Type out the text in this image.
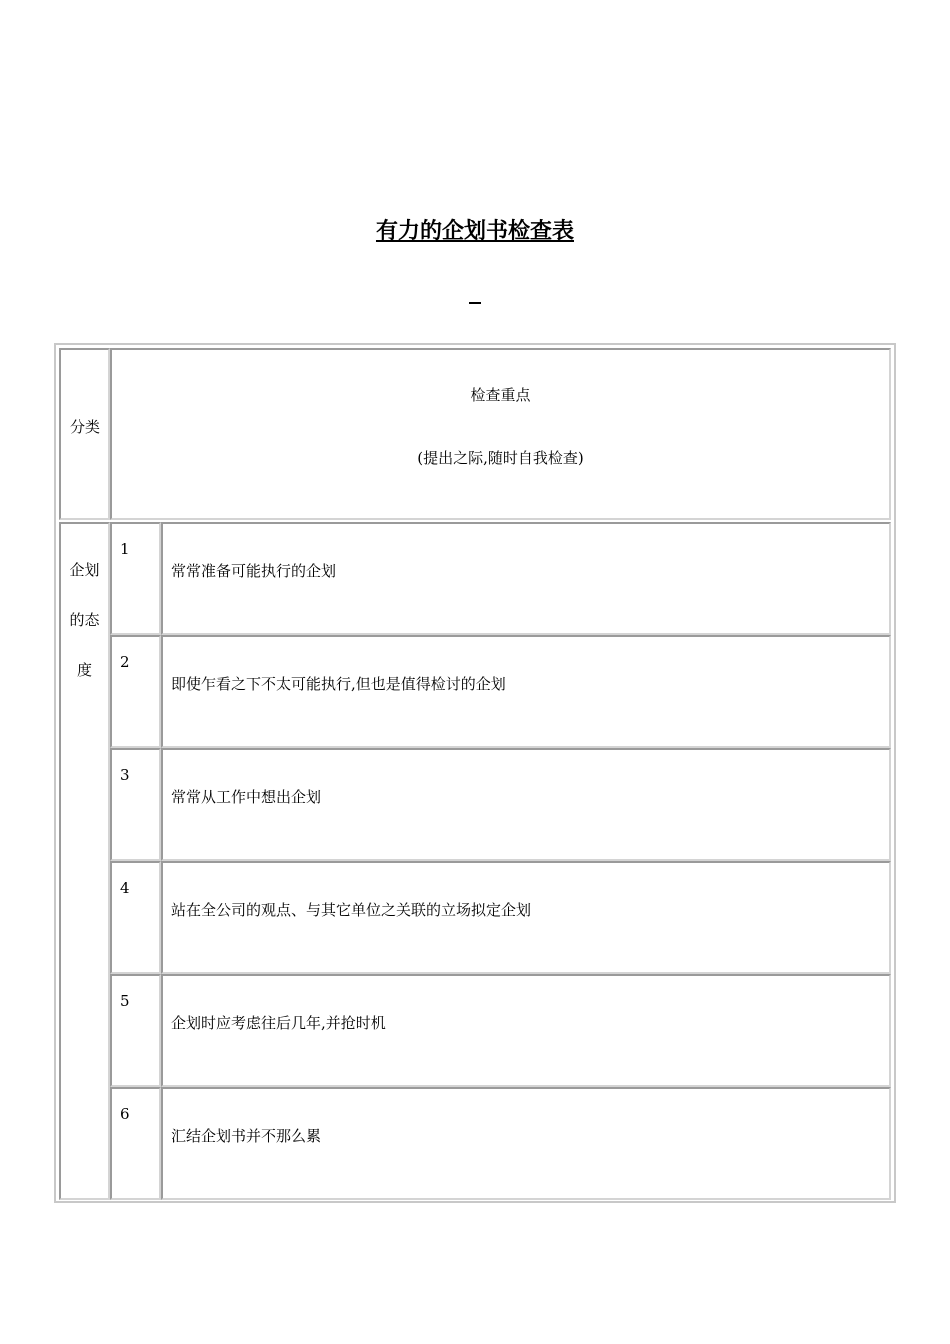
有力的企划书检查表
分类
检查重点
(提出之际,随时自我检查)
企划
的态
度
1
常常准备可能执行的企划
2
即使乍看之下不太可能执行,但也是值得检讨的企划
3
常常从工作中想出企划
4
站在全公司的观点、与其它单位之关联的立场拟定企划
5
企划时应考虑往后几年,并抢时机
6
汇结企划书并不那么累
